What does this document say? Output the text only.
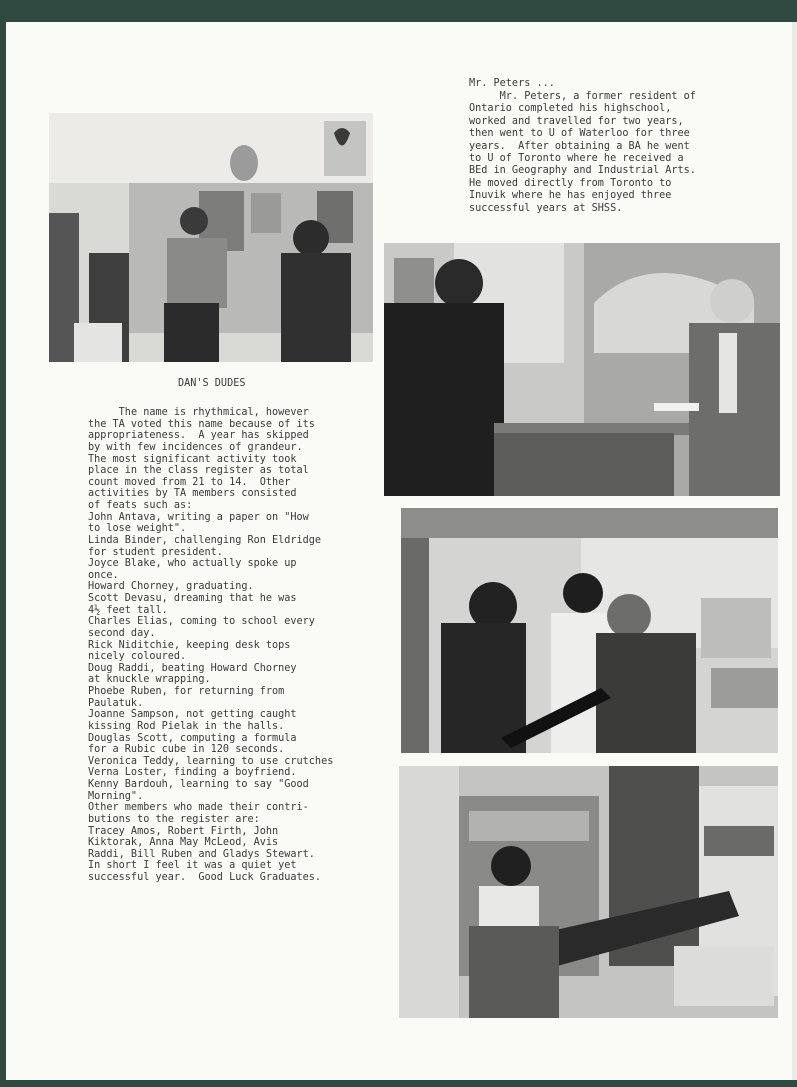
Mr. Peters ...
Mr. Peters, a former resident of
Ontario completed his highschool,
worked and travelled for two years,
then went to U of Waterloo for three
years.  After obtaining a BA he went
to U of Toronto where he received a
BEd in Geography and Industrial Arts.
He moved directly from Toronto to
Inuvik where he has enjoyed three
successful years at SHSS.
DAN'S DUDES
The name is rhythmical, however
the TA voted this name because of its
appropriateness.  A year has skipped
by with few incidences of grandeur.
The most significant activity took
place in the class register as total
count moved from 21 to 14.  Other
activities by TA members consisted
of feats such as:
John Antava, writing a paper on "How
to lose weight".
Linda Binder, challenging Ron Eldridge
for student president.
Joyce Blake, who actually spoke up
once.
Howard Chorney, graduating.
Scott Devasu, dreaming that he was
4½ feet tall.
Charles Elias, coming to school every
second day.
Rick Niditchie, keeping desk tops
nicely coloured.
Doug Raddi, beating Howard Chorney
at knuckle wrapping.
Phoebe Ruben, for returning from
Paulatuk.
Joanne Sampson, not getting caught
kissing Rod Pielak in the halls.
Douglas Scott, computing a formula
for a Rubic cube in 120 seconds.
Veronica Teddy, learning to use crutches
Verna Loster, finding a boyfriend.
Kenny Bardouh, learning to say "Good
Morning".
Other members who made their contri-
butions to the register are:
Tracey Amos, Robert Firth, John
Kiktorak, Anna May McLeod, Avis
Raddi, Bill Ruben and Gladys Stewart.
In short I feel it was a quiet yet
successful year.  Good Luck Graduates.
